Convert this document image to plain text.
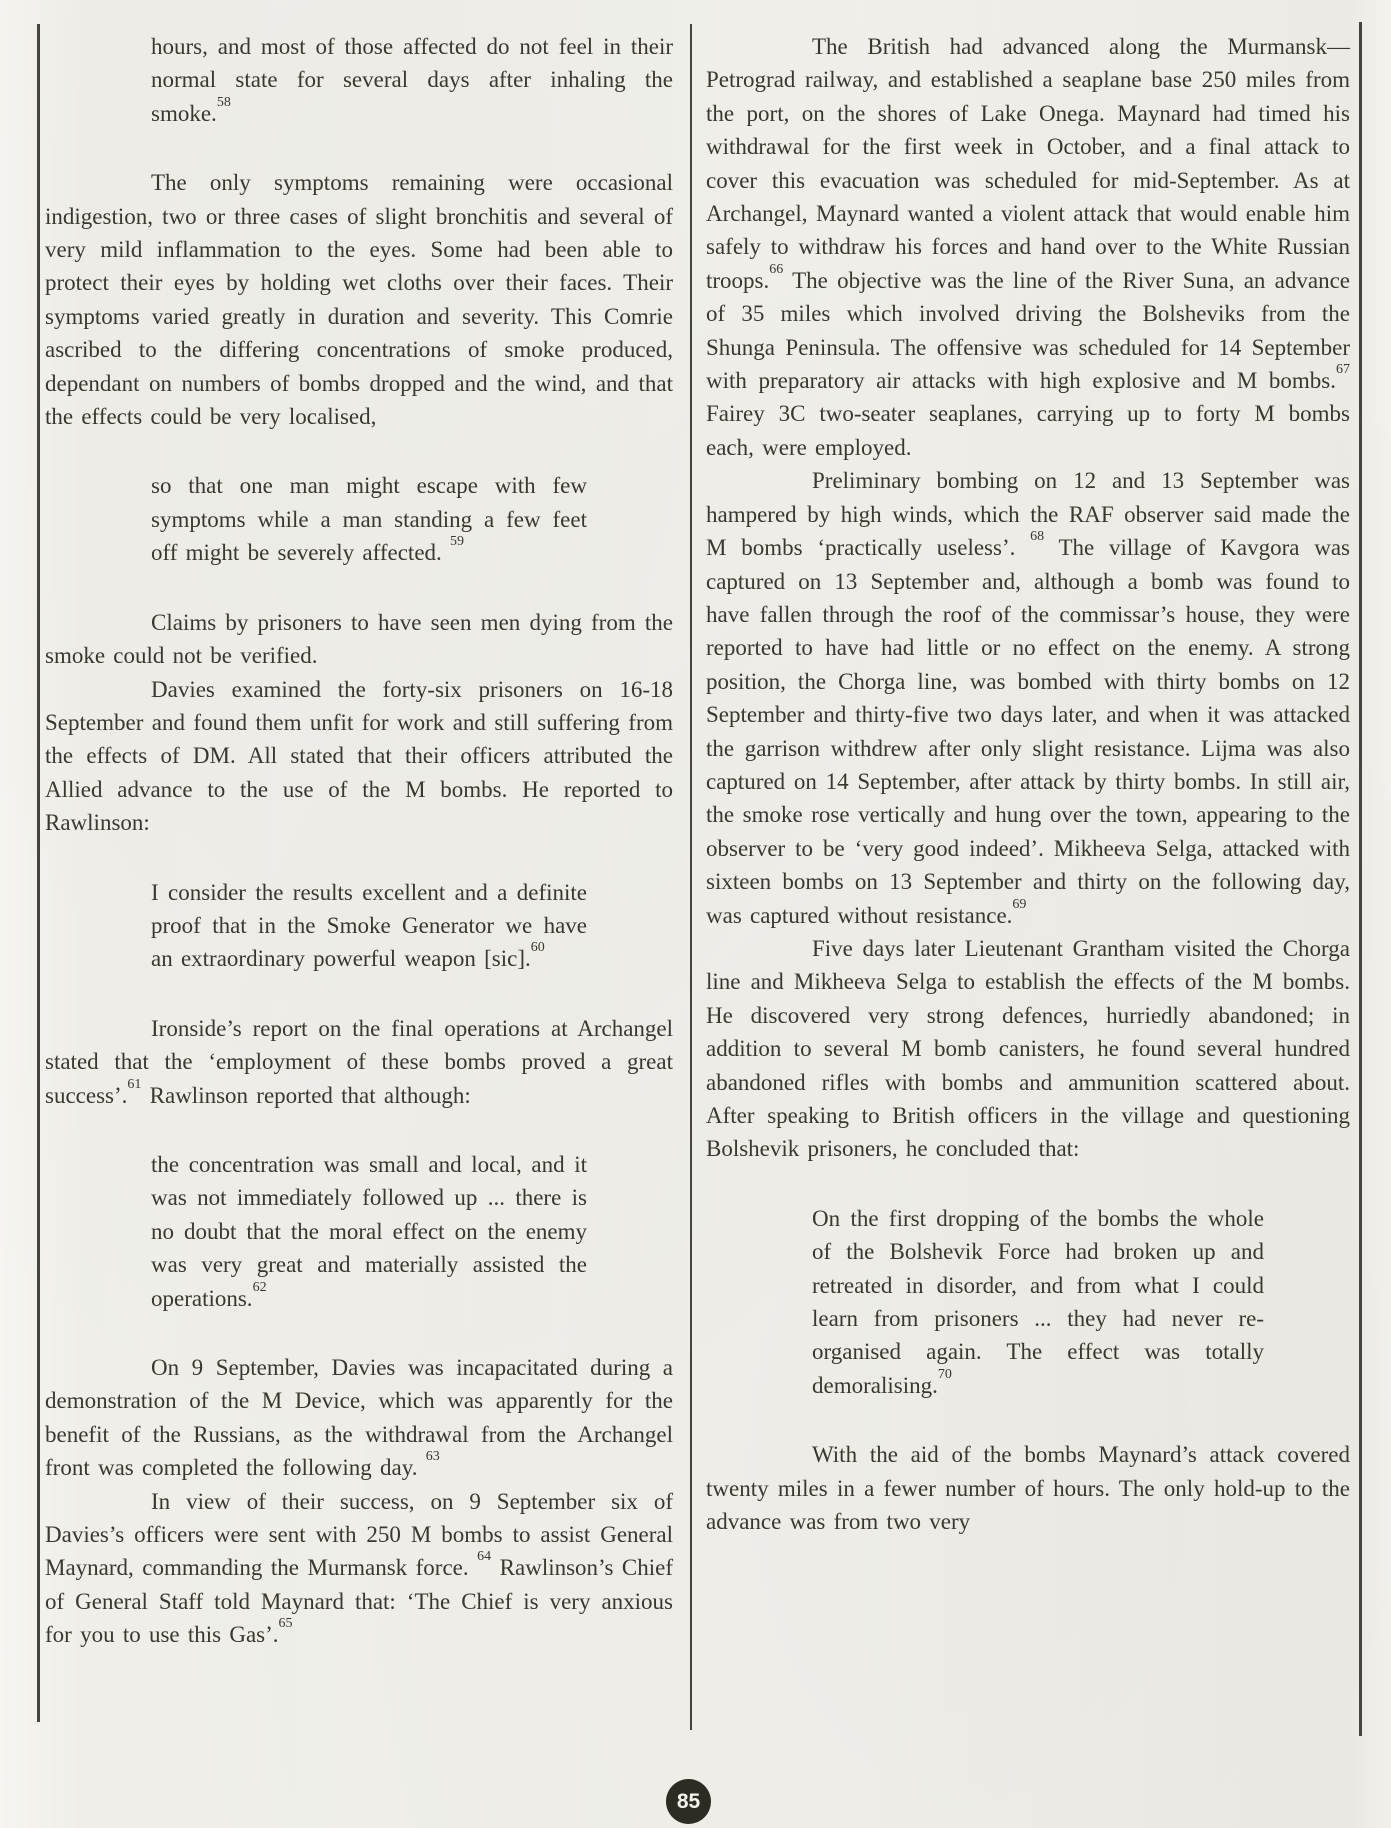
hours, and most of those affected do not feel in their normal state for several days after inhaling the smoke.$^{58}$

The only symptoms remaining were occasional indigestion, two or three cases of slight bronchitis and several of very mild inflammation to the eyes. Some had been able to protect their eyes by holding wet cloths over their faces. Their symptoms varied greatly in duration and severity. This Comrie ascribed to the differing concentrations of smoke produced, dependant on numbers of bombs dropped and the wind, and that the effects could be very localised,

so that one man might escape with few symptoms while a man standing a few feet off might be severely affected. $^{59}$

Claims by prisoners to have seen men dying from the smoke could not be verified.

Davies examined the forty-six prisoners on 16-18 September and found them unfit for work and still suffering from the effects of DM. All stated that their officers attributed the Allied advance to the use of the M bombs. He reported to Rawlinson:

I consider the results excellent and a definite proof that in the Smoke Generator we have an extraordinary powerful weapon [sic].$^{60}$

Ironside’s report on the final operations at Archangel stated that the ‘employment of these bombs proved a great success’.$^{61}$ Rawlinson reported that although:

the concentration was small and local, and it was not immediately followed up ... there is no doubt that the moral effect on the enemy was very great and materially assisted the operations.$^{62}$

On 9 September, Davies was incapacitated during a demonstration of the M Device, which was apparently for the benefit of the Russians, as the withdrawal from the Archangel front was completed the following day. $^{63}$

In view of their success, on 9 September six of Davies’s officers were sent with 250 M bombs to assist General Maynard, commanding the Murmansk force. $^{64}$ Rawlinson’s Chief of General Staff told Maynard that: ‘The Chief is very anxious for you to use this Gas’.$^{65}$

The British had advanced along the Murmansk—Petrograd railway, and established a seaplane base 250 miles from the port, on the shores of Lake Onega. Maynard had timed his withdrawal for the first week in October, and a final attack to cover this evacuation was scheduled for mid-September. As at Archangel, Maynard wanted a violent attack that would enable him safely to withdraw his forces and hand over to the White Russian troops.$^{66}$ The objective was the line of the River Suna, an advance of 35 miles which involved driving the Bolsheviks from the Shunga Peninsula. The offensive was scheduled for 14 September with preparatory air attacks with high explosive and M bombs.$^{67}$ Fairey 3C two-seater seaplanes, carrying up to forty M bombs each, were employed.

Preliminary bombing on 12 and 13 September was hampered by high winds, which the RAF observer said made the M bombs ‘practically useless’. $^{68}$ The village of Kavgora was captured on 13 September and, although a bomb was found to have fallen through the roof of the commissar’s house, they were reported to have had little or no effect on the enemy. A strong position, the Chorga line, was bombed with thirty bombs on 12 September and thirty-five two days later, and when it was attacked the garrison withdrew after only slight resistance. Lijma was also captured on 14 September, after attack by thirty bombs. In still air, the smoke rose vertically and hung over the town, appearing to the observer to be ‘very good indeed’. Mikheeva Selga, attacked with sixteen bombs on 13 September and thirty on the following day, was captured without resistance.$^{69}$

Five days later Lieutenant Grantham visited the Chorga line and Mikheeva Selga to establish the effects of the M bombs. He discovered very strong defences, hurriedly abandoned; in addition to several M bomb canisters, he found several hundred abandoned rifles with bombs and ammunition scattered about. After speaking to British officers in the village and questioning Bolshevik prisoners, he concluded that:

On the first dropping of the bombs the whole of the Bolshevik Force had broken up and retreated in disorder, and from what I could learn from prisoners ... they had never re-organised again. The effect was totally demoralising.$^{70}$

With the aid of the bombs Maynard’s attack covered twenty miles in a fewer number of hours. The only hold-up to the advance was from two very

85
